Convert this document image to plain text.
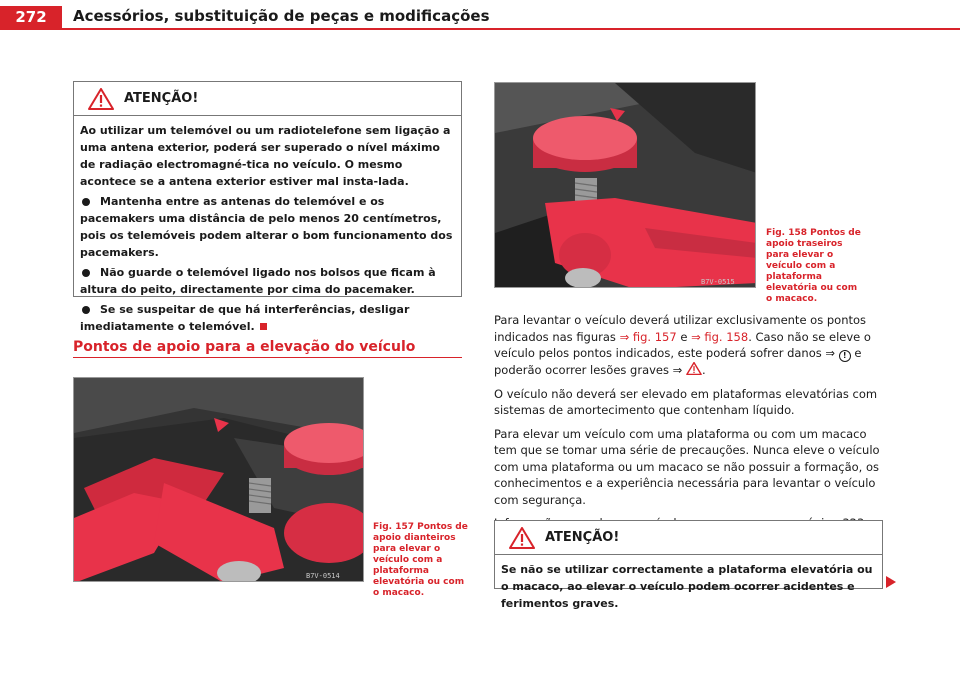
272	Acessórios, substituição de peças e modificações
ATENÇÃO!

Ao utilizar um telemóvel ou um radiotelefone sem ligação a uma antena exterior, poderá ser superado o nível máximo de radiação electromagné-tica no veículo. O mesmo acontece se a antena exterior estiver mal insta-lada.

Mantenha entre as antenas do telemóvel e os pacemakers uma distância de pelo menos 20 centímetros, pois os telemóveis podem alterar o bom funcionamento dos pacemakers.

Não guarde o telemóvel ligado nos bolsos que ficam à altura do peito, directamente por cima do pacemaker.

Se se suspeitar de que há interferências, desligar imediatamente o telemóvel.

Pontos de apoio para a elevação do veículo
B7V-0514
Fig. 157 Pontos de apoio dianteiros para elevar o veículo com a plataforma elevatória ou com o macaco.
B7V-0515
Fig. 158 Pontos de apoio traseiros para elevar o veículo com a plataforma elevatória ou com o macaco.

Para levantar o veículo deverá utilizar exclusivamente os pontos indicados nas figuras ⇒ fig. 157 e ⇒ fig. 158. Caso não se eleve o veículo pelos pontos indicados, este poderá sofrer danos ⇒ ! e poderão ocorrer lesões graves ⇒ .

O veículo não deverá ser elevado em plataformas elevatórias com sistemas de amortecimento que contenham líquido.

Para elevar um veículo com uma plataforma ou com um macaco tem que se tomar uma série de precauções. Nunca eleve o veículo com uma plataforma ou um macaco se não possuir a formação, os conhecimentos e a experiência necessária para levantar o veículo com segurança.

ATENÇÃO!

Se não se utilizar correctamente a plataforma elevatória ou o macaco, ao elevar o veículo podem ocorrer acidentes e ferimentos graves.
